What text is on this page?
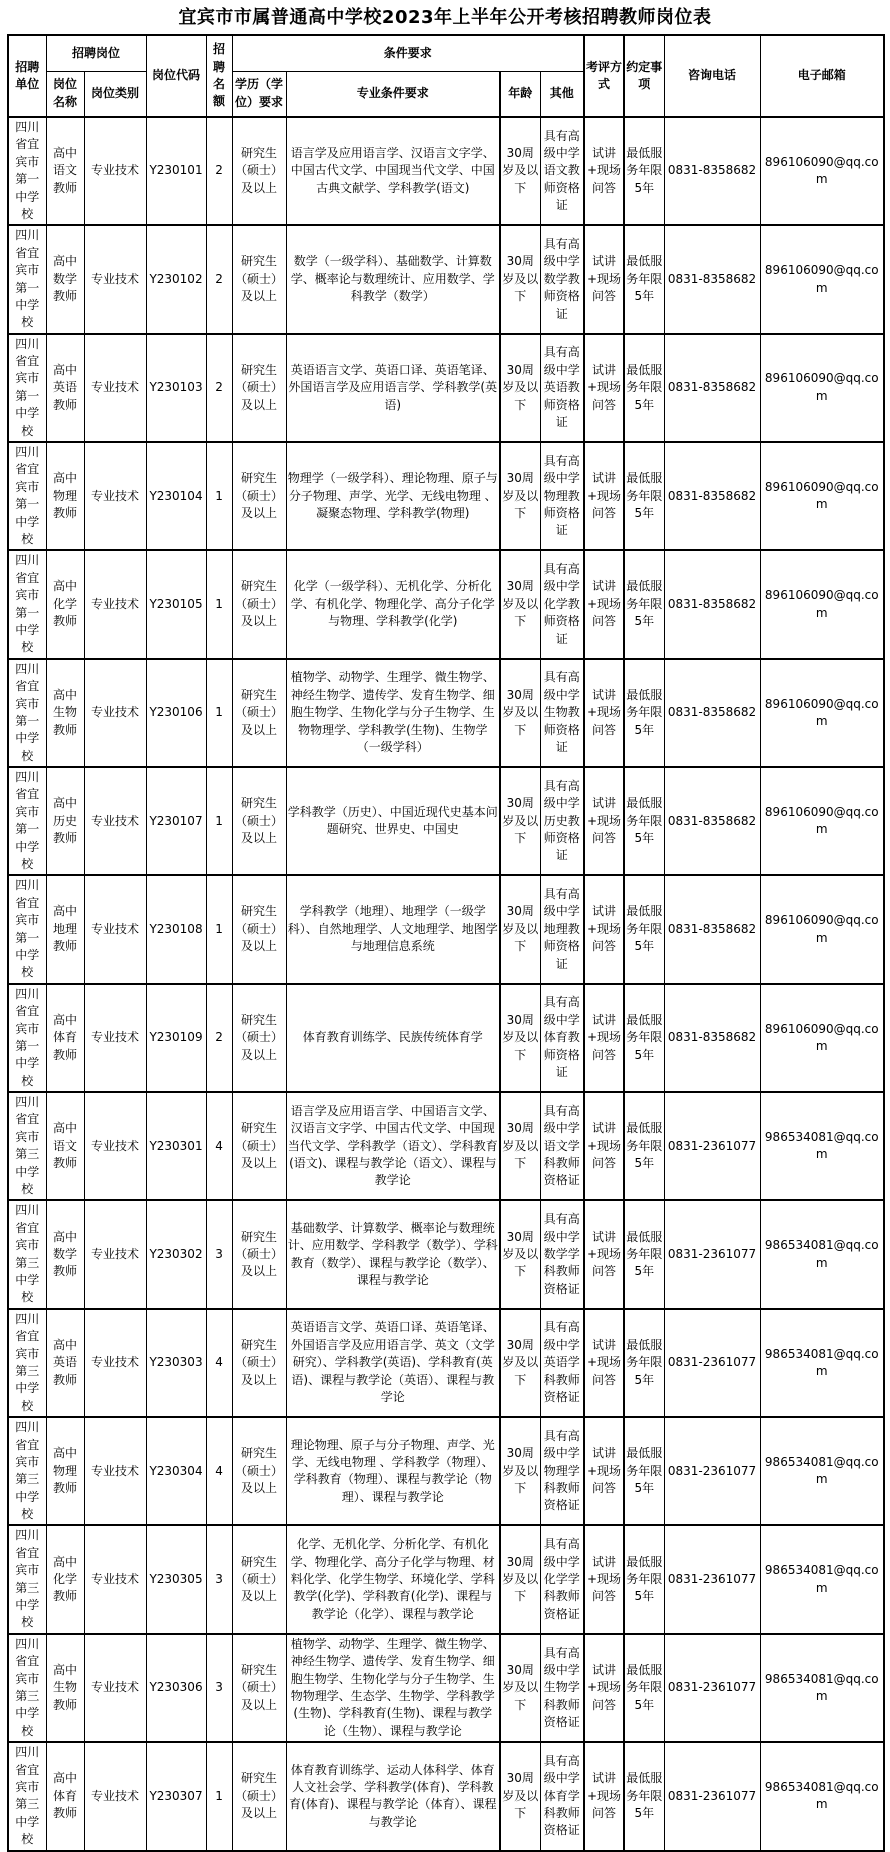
宜宾市市属普通高中学校2023年上半年公开考核招聘教师岗位表
招聘单位	招聘岗位		岗位代码	招聘名额	条件要求				考评方式	约定事项	咨询电话	电子邮箱
	岗位名称	岗位类别			学历（学位）要求	专业条件要求	年龄	其他				
四川省宜宾市第一中学校	高中语文教师	专业技术	Y230101	2	研究生（硕士）及以上	语言学及应用语言学、汉语言文字学、中国古代文学、中国现当代文学、中国古典文献学、学科教学(语文)	30周岁及以下	具有高级中学语文教师资格证	试讲+现场问答	最低服务年限5年	0831-8358682	896106090@qq.com
四川省宜宾市第一中学校	高中数学教师	专业技术	Y230102	2	研究生（硕士）及以上	数学（一级学科）、基础数学、计算数学、概率论与数理统计、应用数学、学科教学（数学）	30周岁及以下	具有高级中学数学教师资格证	试讲+现场问答	最低服务年限5年	0831-8358682	896106090@qq.com
四川省宜宾市第一中学校	高中英语教师	专业技术	Y230103	2	研究生（硕士）及以上	英语语言文学、英语口译、英语笔译、外国语言学及应用语言学、学科教学(英语)	30周岁及以下	具有高级中学英语教师资格证	试讲+现场问答	最低服务年限5年	0831-8358682	896106090@qq.com
四川省宜宾市第一中学校	高中物理教师	专业技术	Y230104	1	研究生（硕士）及以上	物理学（一级学科）、理论物理、原子与分子物理、声学、光学、无线电物理 、凝聚态物理、学科教学(物理)	30周岁及以下	具有高级中学物理教师资格证	试讲+现场问答	最低服务年限5年	0831-8358682	896106090@qq.com
四川省宜宾市第一中学校	高中化学教师	专业技术	Y230105	1	研究生（硕士）及以上	化学（一级学科）、无机化学、分析化学、有机化学、物理化学、高分子化学与物理、学科教学(化学)	30周岁及以下	具有高级中学化学教师资格证	试讲+现场问答	最低服务年限5年	0831-8358682	896106090@qq.com
四川省宜宾市第一中学校	高中生物教师	专业技术	Y230106	1	研究生（硕士）及以上	植物学、动物学、生理学、微生物学、神经生物学、遗传学、发育生物学、细胞生物学、生物化学与分子生物学、生物物理学、学科教学(生物)、生物学（一级学科）	30周岁及以下	具有高级中学生物教师资格证	试讲+现场问答	最低服务年限5年	0831-8358682	896106090@qq.com
四川省宜宾市第一中学校	高中历史教师	专业技术	Y230107	1	研究生（硕士）及以上	学科教学（历史）、中国近现代史基本问题研究、世界史、中国史	30周岁及以下	具有高级中学历史教师资格证	试讲+现场问答	最低服务年限5年	0831-8358682	896106090@qq.com
四川省宜宾市第一中学校	高中地理教师	专业技术	Y230108	1	研究生（硕士）及以上	学科教学（地理）、地理学（一级学科）、自然地理学、人文地理学、地图学与地理信息系统	30周岁及以下	具有高级中学地理教师资格证	试讲+现场问答	最低服务年限5年	0831-8358682	896106090@qq.com
四川省宜宾市第一中学校	高中体育教师	专业技术	Y230109	2	研究生（硕士）及以上	体育教育训练学、民族传统体育学	30周岁及以下	具有高级中学体育教师资格证	试讲+现场问答	最低服务年限5年	0831-8358682	896106090@qq.com
四川省宜宾市第三中学校	高中语文教师	专业技术	Y230301	4	研究生（硕士）及以上	语言学及应用语言学、中国语言文学、汉语言文字学、中国古代文学、中国现当代文学、学科教学（语文）、学科教育(语文)、课程与教学论（语文）、课程与教学论	30周岁及以下	具有高级中学语文学科教师资格证	试讲+现场问答	最低服务年限5年	0831-2361077	986534081@qq.com
四川省宜宾市第三中学校	高中数学教师	专业技术	Y230302	3	研究生（硕士）及以上	基础数学、计算数学、概率论与数理统计、应用数学、学科教学（数学）、学科教育（数学）、课程与教学论（数学）、课程与教学论	30周岁及以下	具有高级中学数学学科教师资格证	试讲+现场问答	最低服务年限5年	0831-2361077	986534081@qq.com
四川省宜宾市第三中学校	高中英语教师	专业技术	Y230303	4	研究生（硕士）及以上	英语语言文学、英语口译、英语笔译、外国语言学及应用语言学、英文（文学研究）、学科教学(英语)、学科教育(英语)、课程与教学论（英语）、课程与教学论	30周岁及以下	具有高级中学英语学科教师资格证	试讲+现场问答	最低服务年限5年	0831-2361077	986534081@qq.com
四川省宜宾市第三中学校	高中物理教师	专业技术	Y230304	4	研究生（硕士）及以上	理论物理、原子与分子物理、声学、光学、无线电物理 、学科教学（物理）、学科教育（物理）、课程与教学论（物理）、课程与教学论	30周岁及以下	具有高级中学物理学科教师资格证	试讲+现场问答	最低服务年限5年	0831-2361077	986534081@qq.com
四川省宜宾市第三中学校	高中化学教师	专业技术	Y230305	3	研究生（硕士）及以上	化学、无机化学、分析化学、有机化学、物理化学、高分子化学与物理、材料化学、化学生物学、环境化学、学科教学(化学)、学科教育(化学)、课程与教学论（化学）、课程与教学论	30周岁及以下	具有高级中学化学学科教师资格证	试讲+现场问答	最低服务年限5年	0831-2361077	986534081@qq.com
四川省宜宾市第三中学校	高中生物教师	专业技术	Y230306	3	研究生（硕士）及以上	植物学、动物学、生理学、微生物学、神经生物学、遗传学、发育生物学、细胞生物学、生物化学与分子生物学、生物物理学、生态学、生物学、学科教学(生物)、学科教育(生物)、课程与教学论（生物）、课程与教学论	30周岁及以下	具有高级中学生物学科教师资格证	试讲+现场问答	最低服务年限5年	0831-2361077	986534081@qq.com
四川省宜宾市第三中学校	高中体育教师	专业技术	Y230307	1	研究生（硕士）及以上	体育教育训练学、运动人体科学、体育人文社会学、学科教学(体育)、学科教育(体育)、课程与教学论（体育）、课程与教学论	30周岁及以下	具有高级中学体育学科教师资格证	试讲+现场问答	最低服务年限5年	0831-2361077	986534081@qq.com
